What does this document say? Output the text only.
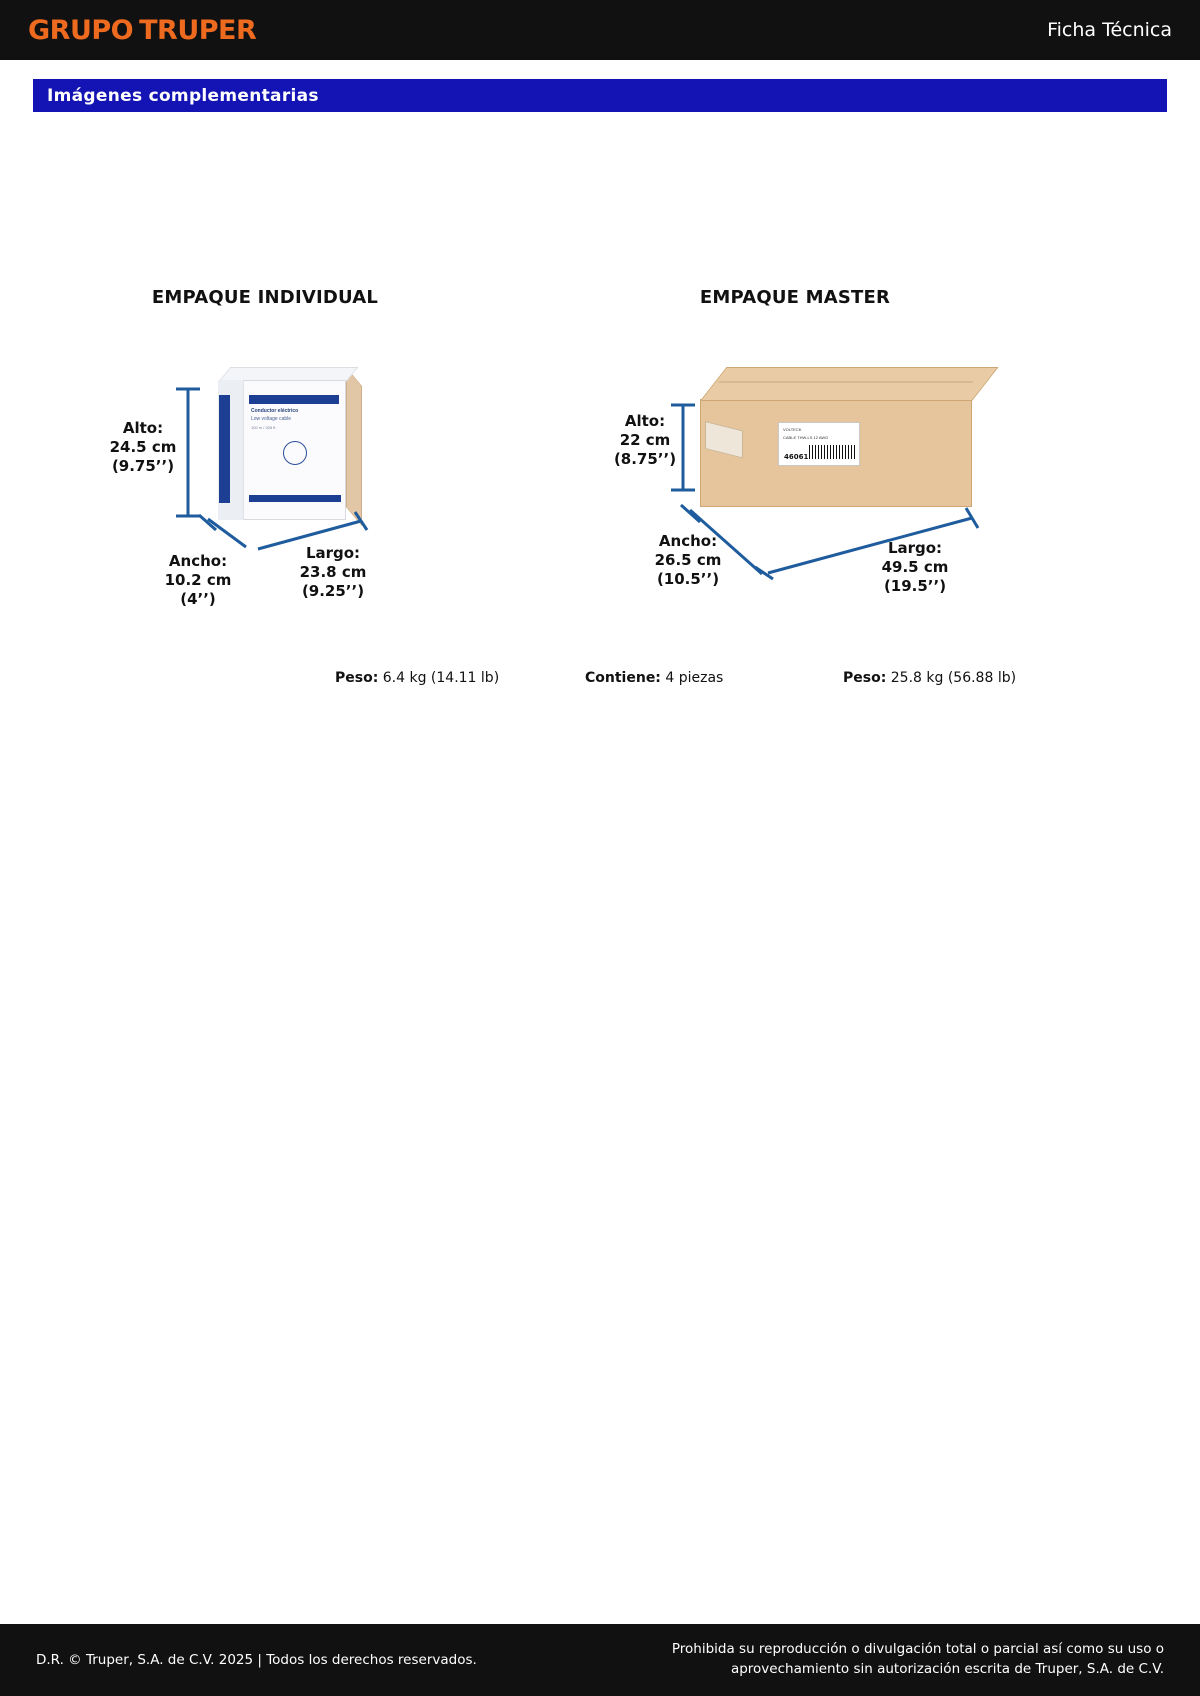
GRUPO TRUPER	Ficha Técnica
Imágenes complementarias
EMPAQUE INDIVIDUAL	EMPAQUE MASTER
Conductor eléctrico
Low voltage cable
100 m / 328 ft	VOLTECK
CABLE THW-LS 12 AWG
46061
Alto:
24.5 cm
(9.75’’)
Ancho:
10.2 cm
(4’’)
Largo:
23.8 cm
(9.25’’)
Alto:
22 cm
(8.75’’)
Ancho:
26.5 cm
(10.5’’)
Largo:
49.5 cm
(19.5’’)
Peso: 6.4 kg (14.11 lb)	Contiene: 4 piezas	Peso: 25.8 kg (56.88 lb)
D.R. © Truper, S.A. de C.V. 2025 | Todos los derechos reservados.
Prohibida su reproducción o divulgación total o parcial así como su uso o
aprovechamiento sin autorización escrita de Truper, S.A. de C.V.
